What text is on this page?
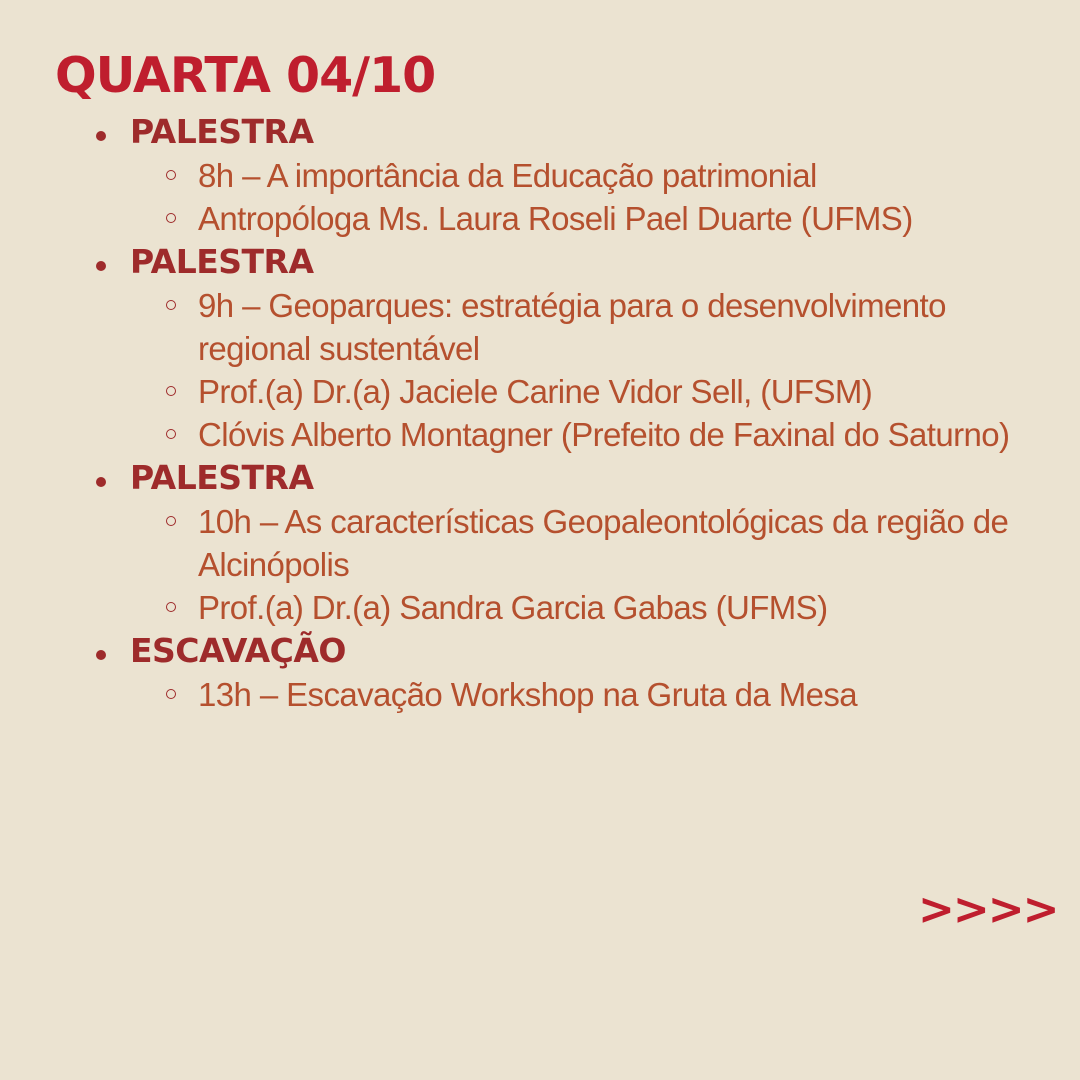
QUARTA 04/10
PALESTRA
8h – A importância da Educação patrimonial
Antropóloga Ms. Laura Roseli Pael Duarte (UFMS)
PALESTRA
9h – Geoparques: estratégia para o desenvolvimento regional sustentável
Prof.(a) Dr.(a) Jaciele Carine Vidor Sell, (UFSM)
Clóvis Alberto Montagner (Prefeito de Faxinal do Saturno)
PALESTRA
10h – As características Geopaleontológicas da região de Alcinópolis
Prof.(a) Dr.(a) Sandra Garcia Gabas (UFMS)
ESCAVAÇÃO
13h – Escavação Workshop na Gruta da Mesa
>>>>
